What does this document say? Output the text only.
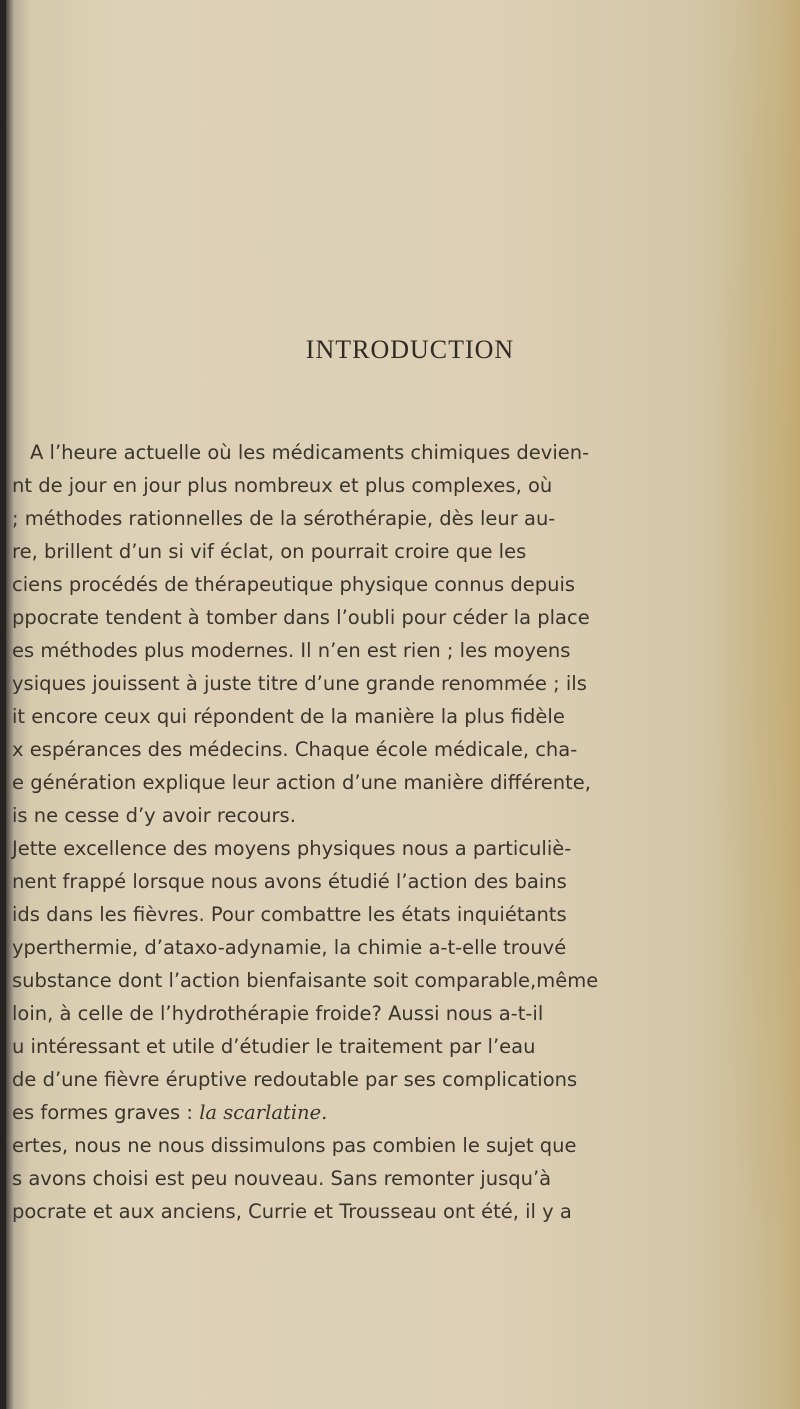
INTRODUCTION
A l’heure actuelle où les médicaments chimiques devien-
nt de jour en jour plus nombreux et plus complexes, où
; méthodes rationnelles de la sérothérapie, dès leur au-
re, brillent d’un si vif éclat, on pourrait croire que les
ciens procédés de thérapeutique physique connus depuis
ppocrate tendent à tomber dans l’oubli pour céder la place
es méthodes plus modernes. Il n’en est rien ; les moyens
ysiques jouissent à juste titre d’une grande renommée ; ils
it encore ceux qui répondent de la manière la plus fidèle
x espérances des médecins. Chaque école médicale, cha-
e génération explique leur action d’une manière différente,
is ne cesse d’y avoir recours.
Jette excellence des moyens physiques nous a particuliè-
nent frappé lorsque nous avons étudié l’action des bains
ids dans les fièvres. Pour combattre les états inquiétants
yperthermie, d’ataxo-adynamie, la chimie a-t-elle trouvé
substance dont l’action bienfaisante soit comparable,même
loin, à celle de l’hydrothérapie froide? Aussi nous a-t-il
u intéressant et utile d’étudier le traitement par l’eau
de d’une fièvre éruptive redoutable par ses complications
es formes graves : la scarlatine.
ertes, nous ne nous dissimulons pas combien le sujet que
s avons choisi est peu nouveau. Sans remonter jusqu’à
pocrate et aux anciens, Currie et Trousseau ont été, il y a
